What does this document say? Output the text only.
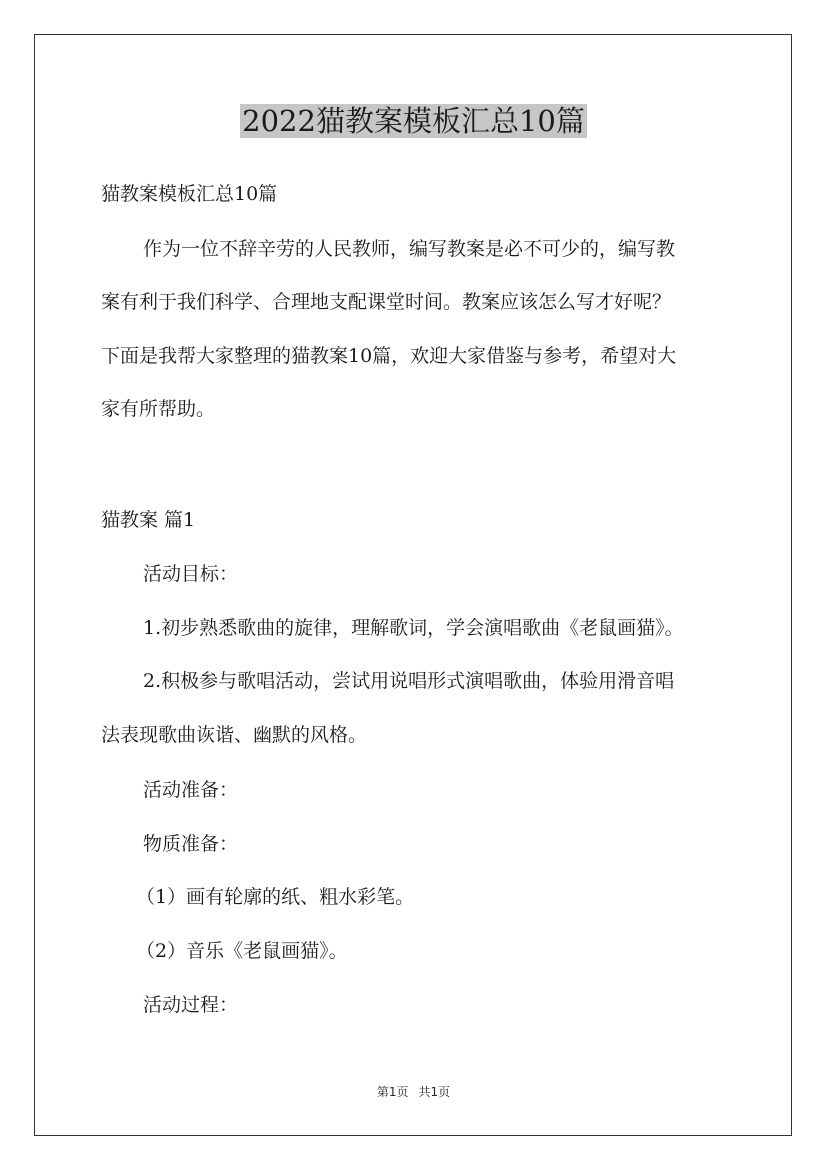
2022猫教案模板汇总10篇
猫教案模板汇总10篇
作为一位不辞辛劳的人民教师，编写教案是必不可少的，编写教
案有利于我们科学、合理地支配课堂时间。教案应该怎么写才好呢？
下面是我帮大家整理的猫教案10篇，欢迎大家借鉴与参考，希望对大
家有所帮助。
猫教案 篇1
活动目标：
1.初步熟悉歌曲的旋律，理解歌词，学会演唱歌曲《老鼠画猫》。
2.积极参与歌唱活动，尝试用说唱形式演唱歌曲，体验用滑音唱
法表现歌曲诙谐、幽默的风格。
活动准备：
物质准备：
（1）画有轮廓的纸、粗水彩笔。
（2）音乐《老鼠画猫》。
活动过程：
第1页 共1页
